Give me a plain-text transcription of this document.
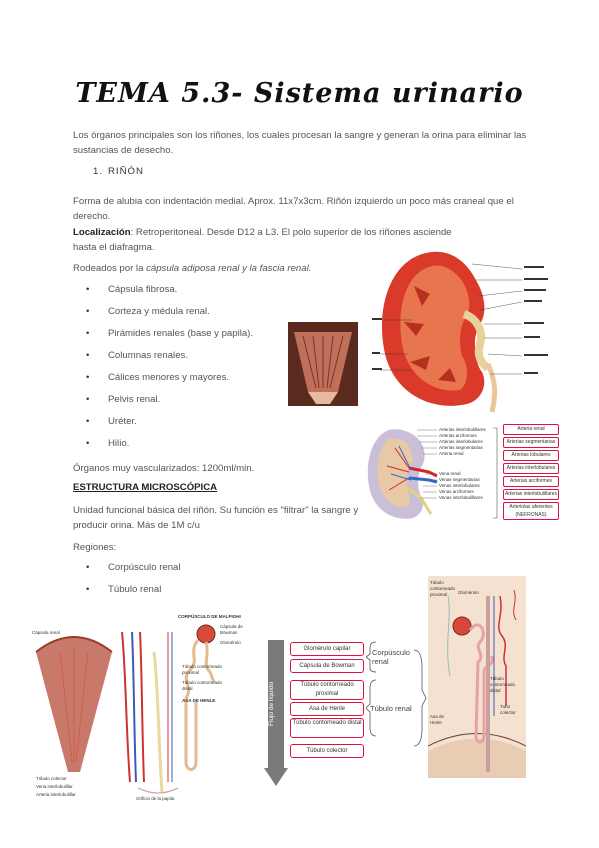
TEMA 5.3- Sistema urinario
Los órganos principales son los riñones, los cuales procesan la sangre y generan la orina para eliminar las sustancias de desecho.
1. RIÑÓN
Forma de alubia con indentación medial. Aprox. 11x7x3cm. Riñón izquierdo un poco más craneal que el derecho.
Localización: Retroperitoneal. Desde D12 a L3. El polo superior de los riñones asciende hasta el diafragma.
Rodeados por la cápsula adiposa renal y la fascia renal.
• Cápsula fibrosa.
• Corteza y médula renal.
• Pirámides renales (base y papila).
• Columnas renales.
• Cálices menores y mayores.
• Pelvis renal.
• Uréter.
• Hilio.
Órganos muy vascularizados: 1200ml/min.
ESTRUCTURA MICROSCÓPICA
Unidad funcional básica del riñón. Su función es "filtrar" la sangre y producir orina. Más de 1M c/u
Regiones:
• Corpúsculo renal
• Túbulo renal
Arterias interlobulillares
Arterias arciformes
Arterias interlobulares
Arterias segmentarias
Arteria renal
Vena renal
Venas segmentarias
Venas interlobulares
Venas arciformes
Venas interlobulillares
Arteria renal
Arterias segmentarias
Arterias lobulares
Arterias interlobulares
Arterias arciformes
Arterias interlobulillares
Arteriolas aferentes (NEFRONAS)
CORPÚSCULO DE MALPIGHI
Cápsula de Bowman
Glomérulo
Túbulo contorneado proximal
Túbulo contorneado distal
ASA DE HENLE
Cápsula renal
Túbulo colector
Vena interlobulillar
Arteria interlobulillar
Orificio de la papila
Flujo de líquido
Glomérulo capilar
Cápsula de Bowman
Túbulo contorneado proximal
Asa de Henle
Túbulo contorneado distal
Túbulo colector
Corpúsculo renal
Túbulo renal
Túbulo contorneado proximal	Glomérulo
Túbulo contorneado distal
Tubo colector
Asa de Henle
